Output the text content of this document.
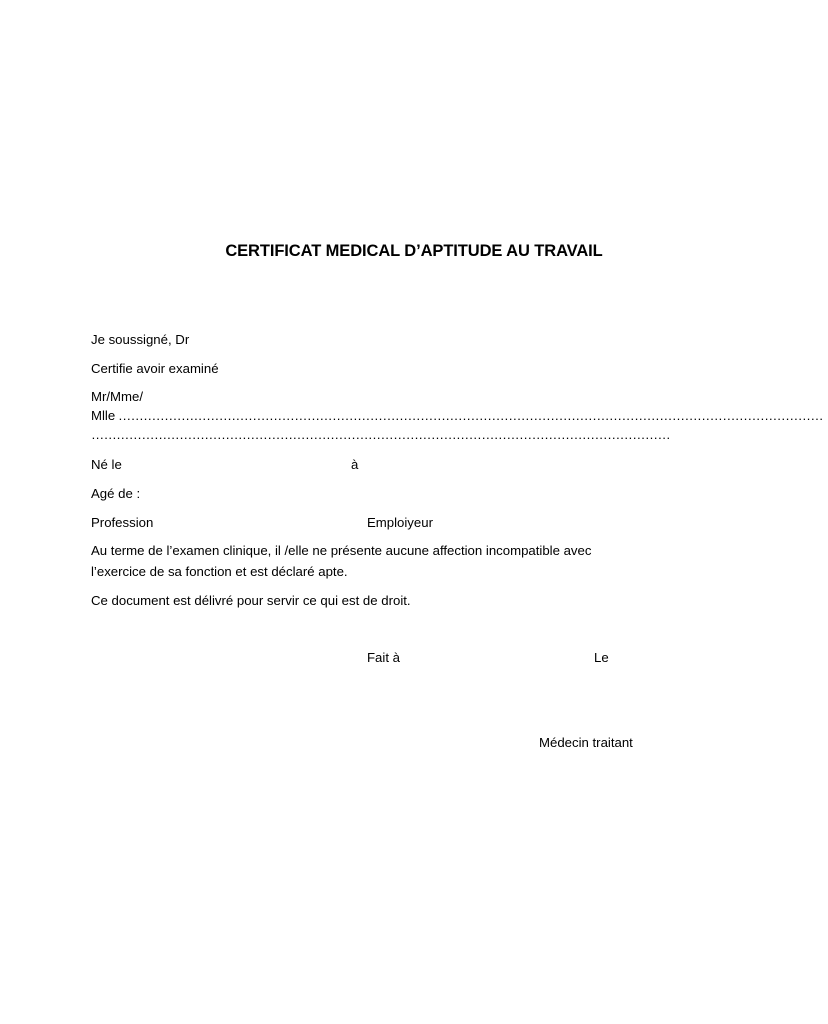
CERTIFICAT MEDICAL D’APTITUDE AU TRAVAIL
Je soussigné, Dr
Certifie avoir examiné
Mr/Mme/
Mlle ……………………………………………………………………………………………………………………………………………………
…………………………………………………………………………………………………………………………
Né le	à
Agé de :
Profession	Emploiyeur
Au terme de l’examen clinique, il /elle ne présente aucune affection incompatible avec
l’exercice de sa fonction et est déclaré apte.
Ce document est délivré pour servir ce qui est de droit.
Fait à	Le
Médecin traitant
